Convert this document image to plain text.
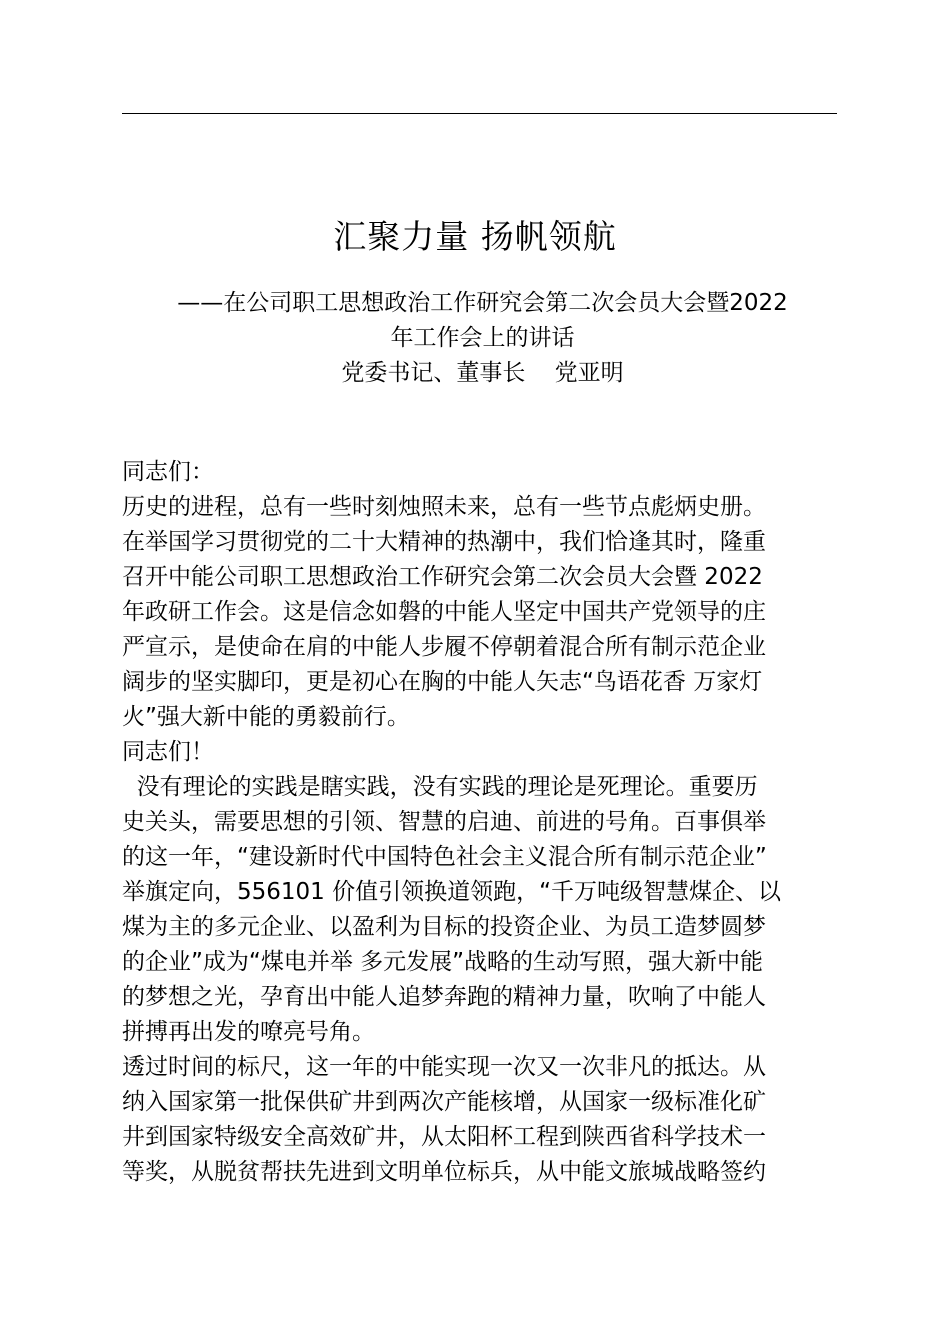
汇聚力量 扬帆领航
——在公司职工思想政治工作研究会第二次会员大会暨2022
年工作会上的讲话
党委书记、董事长    党亚明

同志们：

历史的进程，总有一些时刻烛照未来，总有一些节点彪炳史册。

在举国学习贯彻党的二十大精神的热潮中，我们恰逢其时，隆重

召开中能公司职工思想政治工作研究会第二次会员大会暨 2022

年政研工作会。这是信念如磐的中能人坚定中国共产党领导的庄

严宣示，是使命在肩的中能人步履不停朝着混合所有制示范企业

阔步的坚实脚印，更是初心在胸的中能人矢志“鸟语花香 万家灯

火”强大新中能的勇毅前行。

同志们！

没有理论的实践是瞎实践，没有实践的理论是死理论。重要历

史关头，需要思想的引领、智慧的启迪、前进的号角。百事俱举

的这一年，“建设新时代中国特色社会主义混合所有制示范企业”

举旗定向，556101 价值引领换道领跑，“千万吨级智慧煤企、以

煤为主的多元企业、以盈利为目标的投资企业、为员工造梦圆梦

的企业”成为“煤电并举 多元发展”战略的生动写照，强大新中能

的梦想之光，孕育出中能人追梦奔跑的精神力量，吹响了中能人

拼搏再出发的嘹亮号角。

透过时间的标尺，这一年的中能实现一次又一次非凡的抵达。从

纳入国家第一批保供矿井到两次产能核增，从国家一级标准化矿

井到国家特级安全高效矿井，从太阳杯工程到陕西省科学技术一

等奖，从脱贫帮扶先进到文明单位标兵，从中能文旅城战略签约
